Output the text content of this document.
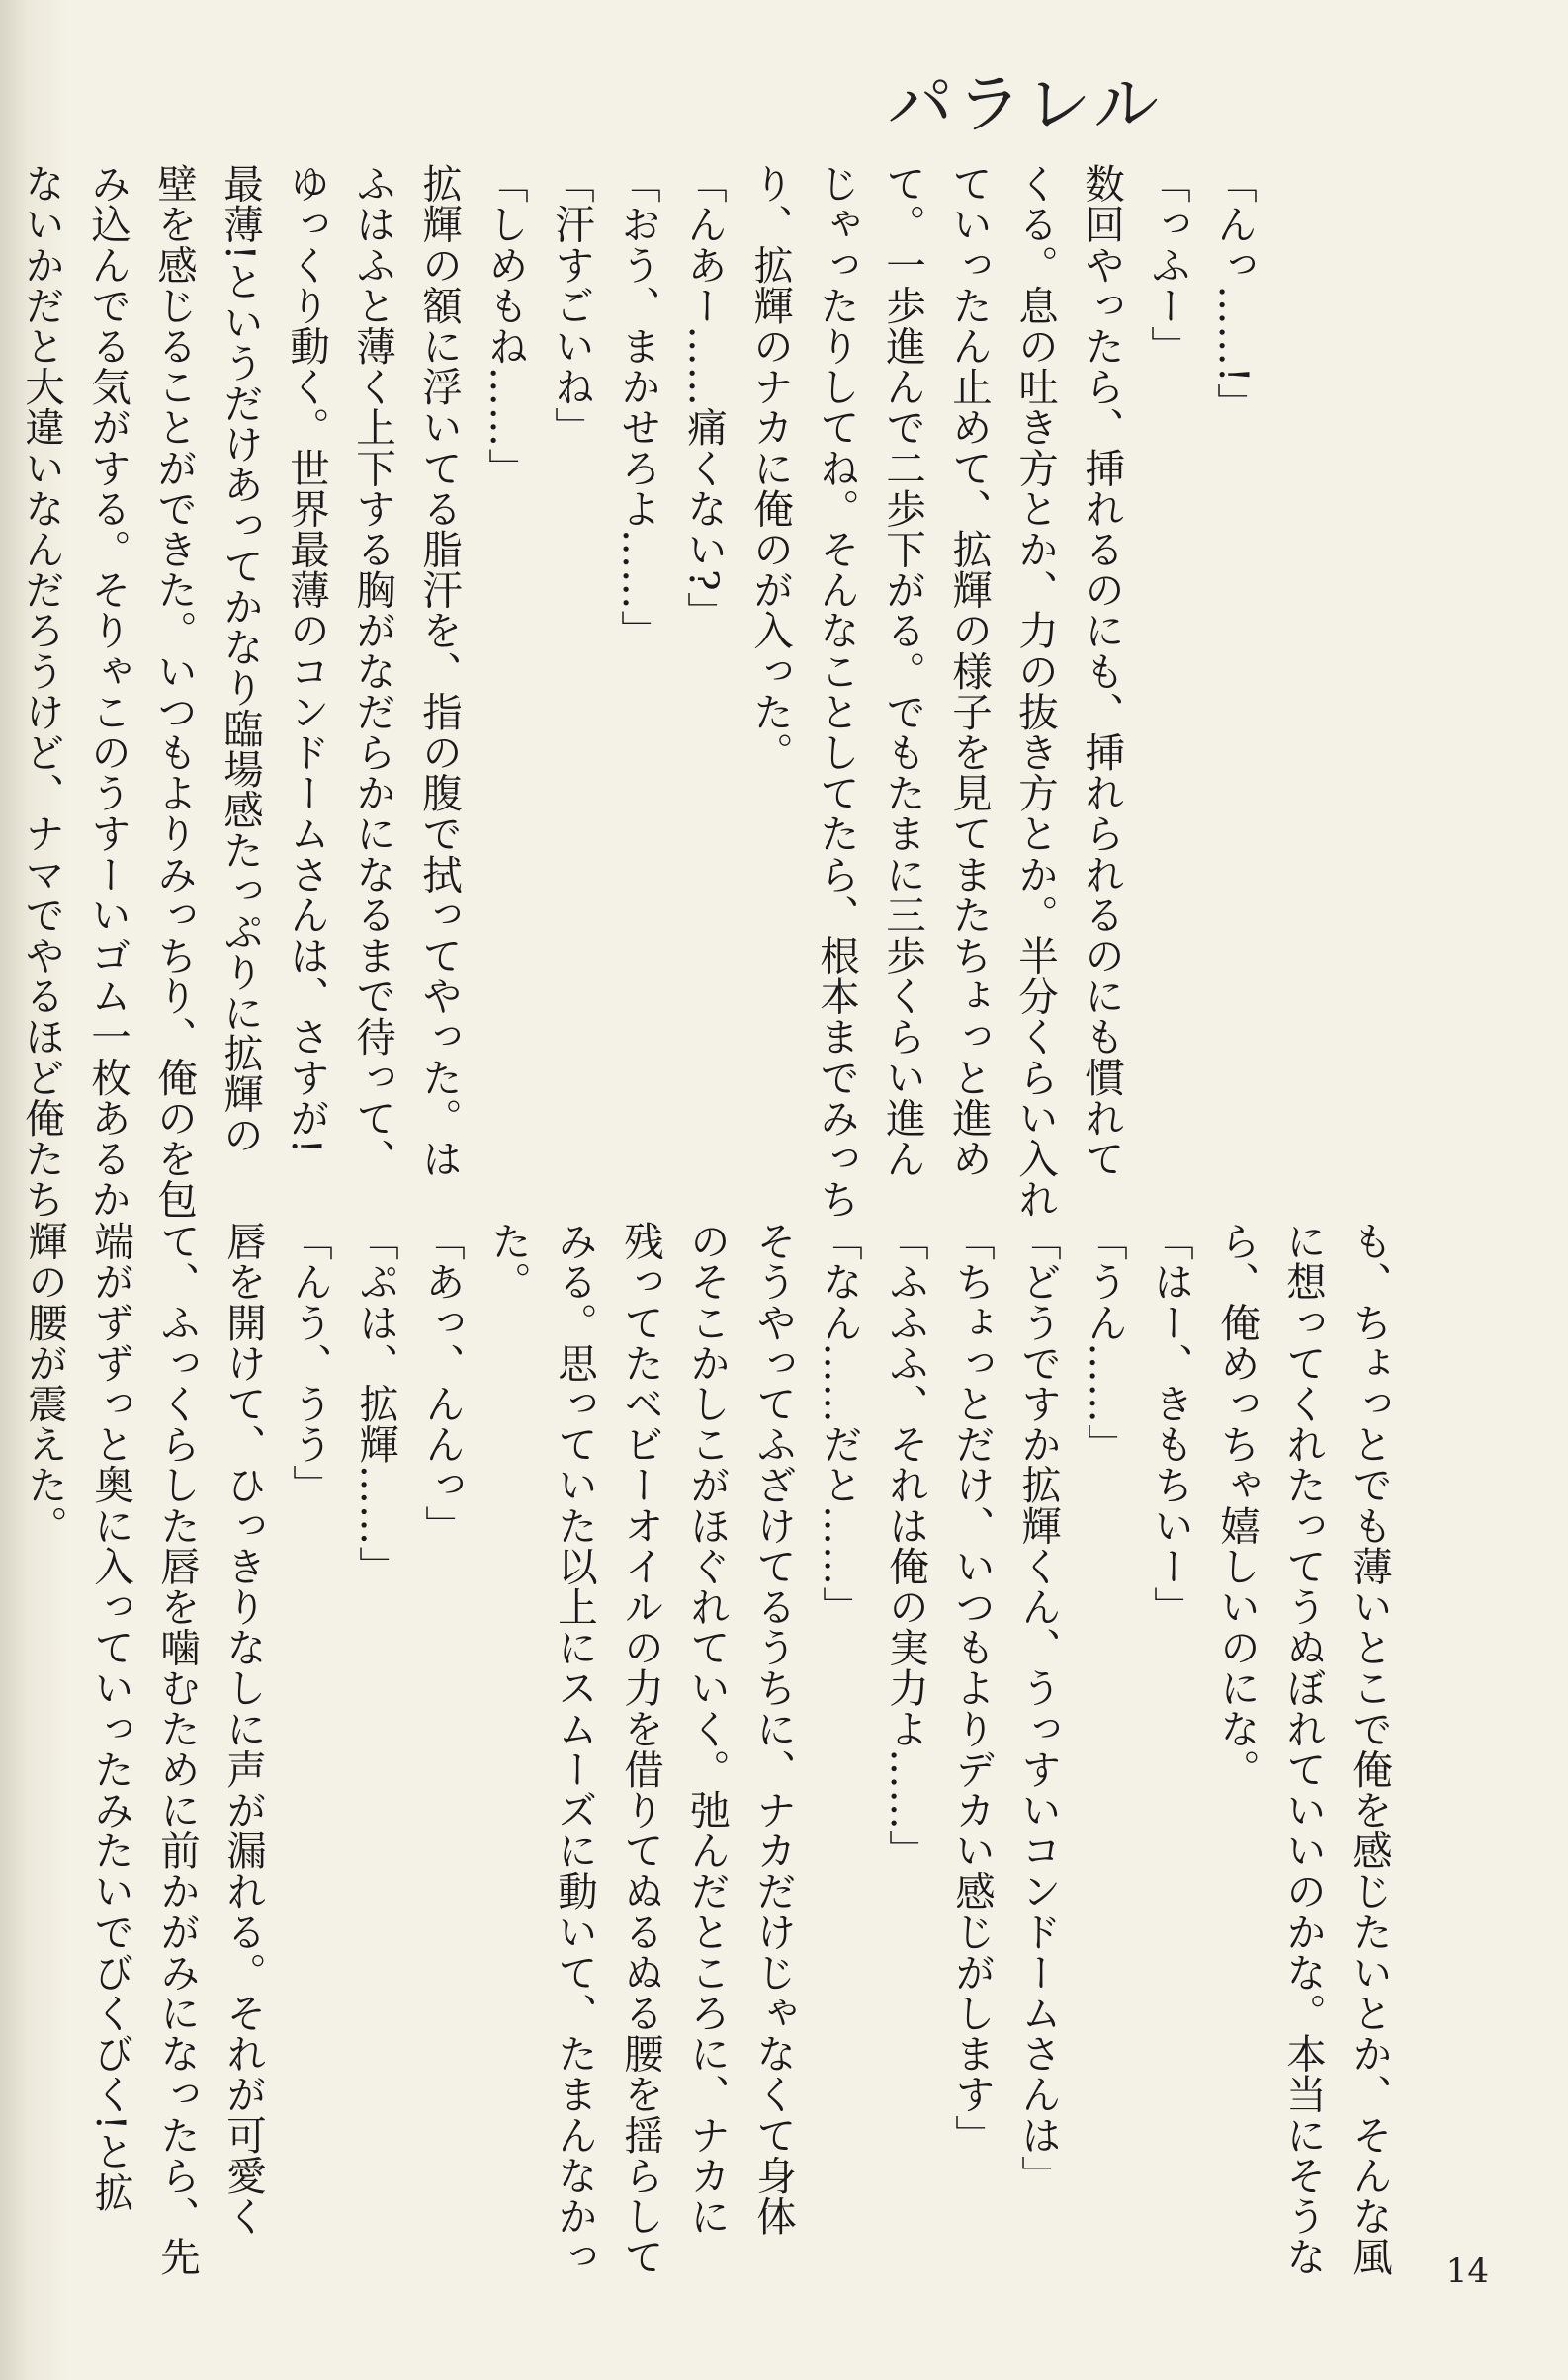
パラレル
「んっ……!」
「っふー」
数回やったら、挿れるのにも、挿れられるのにも慣れて
くる。息の吐き方とか、力の抜き方とか。半分くらい入れ
ていったん止めて、拡輝の様子を見てまたちょっと進め
て。一歩進んで二歩下がる。でもたまに三歩くらい進ん
じゃったりしてね。そんなことしてたら、根本までみっち
り、拡輝のナカに俺のが入った。
「んあー……痛くない?」
「おう、まかせろよ……」
「汗すごいね」
「しめもね……」
拡輝の額に浮いてる脂汗を、指の腹で拭ってやった。は
ふはふと薄く上下する胸がなだらかになるまで待って、
ゆっくり動く。世界最薄のコンドームさんは、さすが!
最薄!というだけあってかなり臨場感たっぷりに拡輝の
壁を感じることができた。いつもよりみっちり、俺のを包
み込んでる気がする。そりゃこのうすーいゴム一枚あるか
ないかだと大違いなんだろうけど、ナマでやるほど俺たち
も、ちょっとでも薄いとこで俺を感じたいとか、そんな風
に想ってくれたってうぬぼれていいのかな。本当にそうな
ら、俺めっちゃ嬉しいのにな。
「はー、きもちいー」
「うん……」
「どうですか拡輝くん、うっすいコンドームさんは」
「ちょっとだけ、いつもよりデカい感じがします」
「ふふふ、それは俺の実力よ……」
「なん……だと……」
そうやってふざけてるうちに、ナカだけじゃなくて身体
のそこかしこがほぐれていく。弛んだところに、ナカに
残ってたベビーオイルの力を借りてぬるぬる腰を揺らして
みる。思っていた以上にスムーズに動いて、たまんなかっ
た。
「あっ、んんっ」
「ぷは、拡輝……」
「んう、うう」
唇を開けて、ひっきりなしに声が漏れる。それが可愛く
て、ふっくらした唇を噛むために前かがみになったら、先
端がずずっと奥に入っていったみたいでびくびく!と拡
輝の腰が震えた。
14
